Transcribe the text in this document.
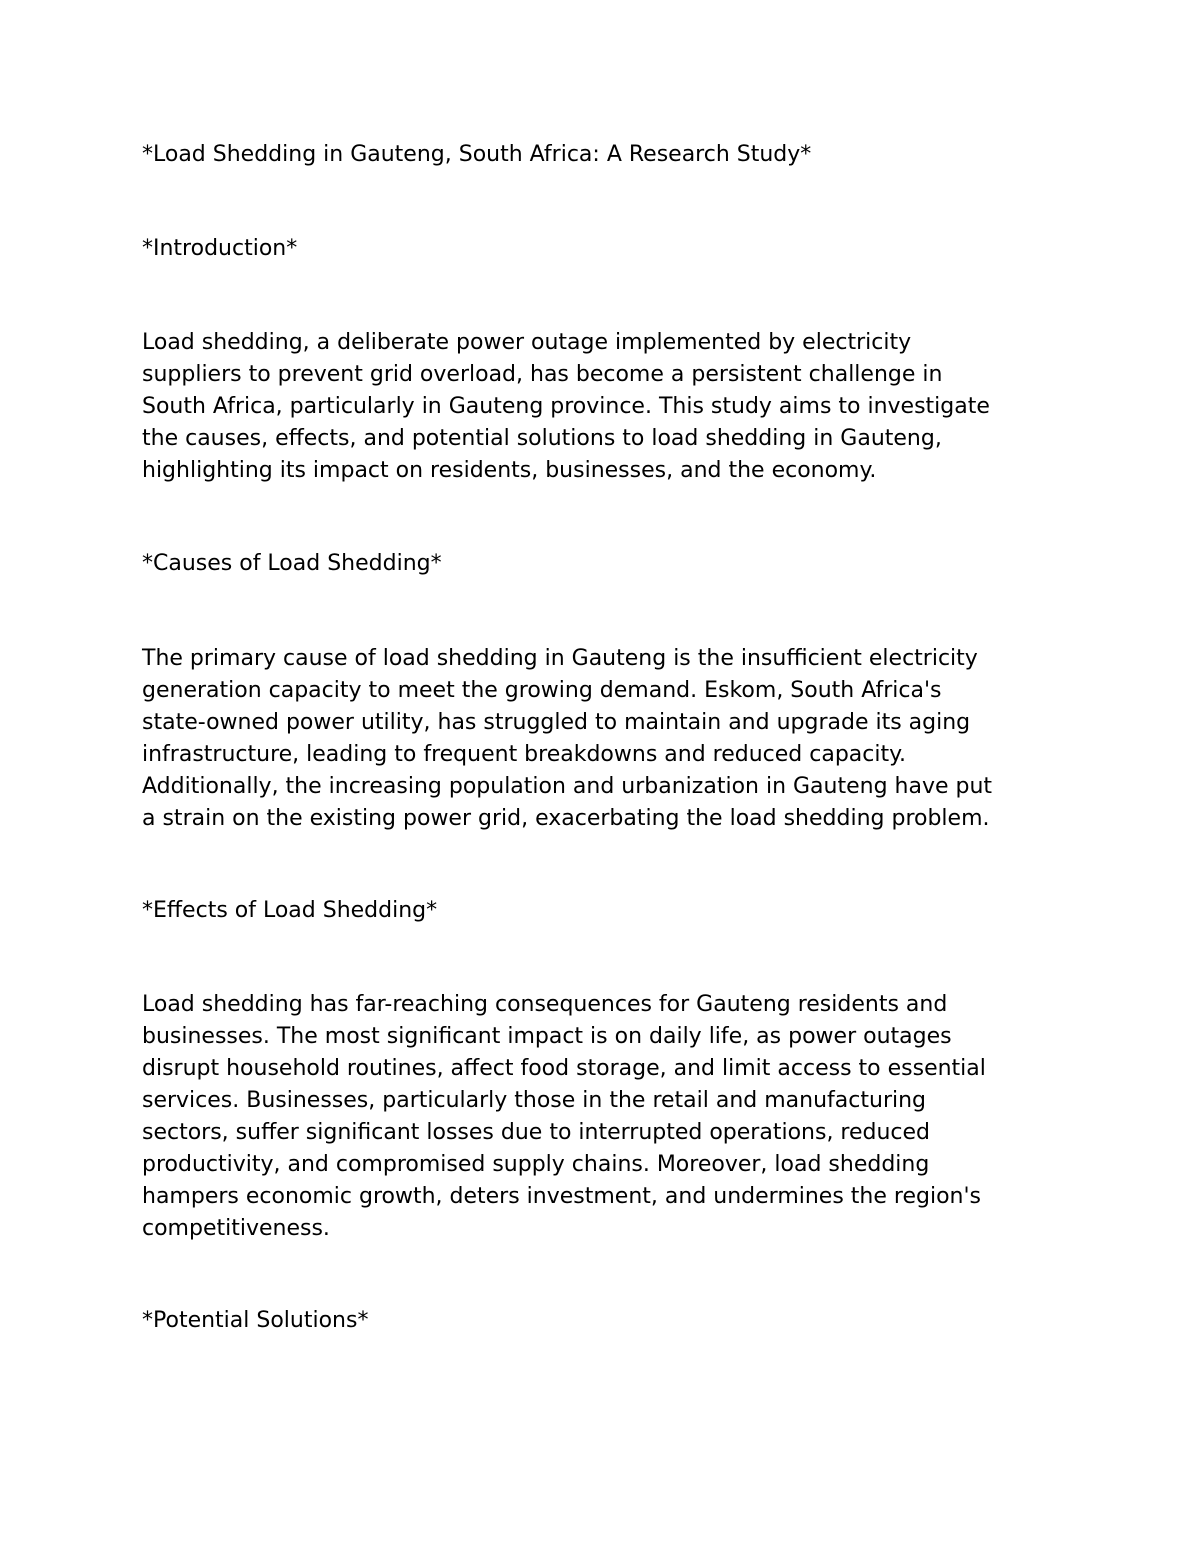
*Load Shedding in Gauteng, South Africa: A Research Study*
*Introduction*

Load shedding, a deliberate power outage implemented by electricity
suppliers to prevent grid overload, has become a persistent challenge in
South Africa, particularly in Gauteng province. This study aims to investigate
the causes, effects, and potential solutions to load shedding in Gauteng,
highlighting its impact on residents, businesses, and the economy.

*Causes of Load Shedding*

The primary cause of load shedding in Gauteng is the insufficient electricity
generation capacity to meet the growing demand. Eskom, South Africa's
state-owned power utility, has struggled to maintain and upgrade its aging
infrastructure, leading to frequent breakdowns and reduced capacity.
Additionally, the increasing population and urbanization in Gauteng have put
a strain on the existing power grid, exacerbating the load shedding problem.

*Effects of Load Shedding*

Load shedding has far-reaching consequences for Gauteng residents and
businesses. The most significant impact is on daily life, as power outages
disrupt household routines, affect food storage, and limit access to essential
services. Businesses, particularly those in the retail and manufacturing
sectors, suffer significant losses due to interrupted operations, reduced
productivity, and compromised supply chains. Moreover, load shedding
hampers economic growth, deters investment, and undermines the region's
competitiveness.

*Potential Solutions*
